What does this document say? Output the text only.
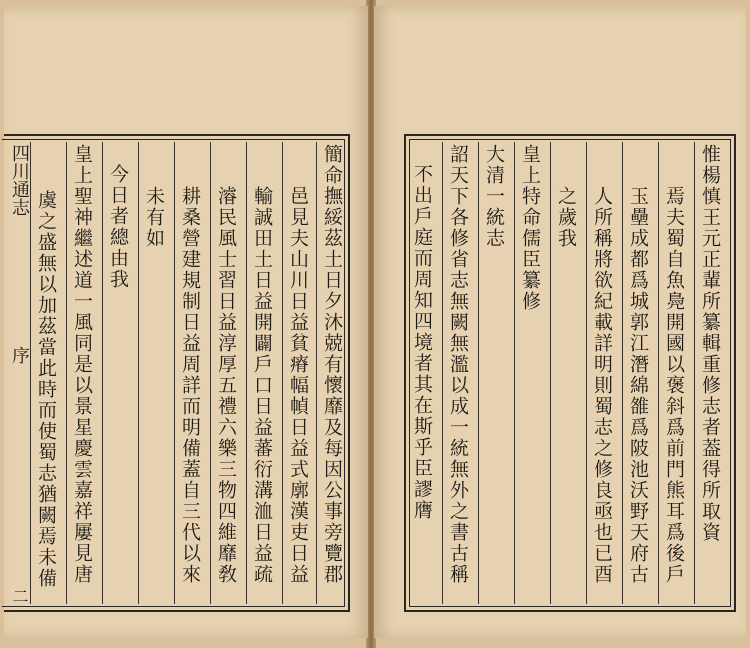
四川通志
序
二
虞之盛無以加茲當此時而使蜀志猶闕焉未備 皇上聖神繼述道一風同是以景星慶雲嘉祥屢見唐 今日者總由我 未有如 耕桑營建規制日益周詳而明備蓋自三代以來 濬民風士習日益淳厚五禮六樂三物四維靡敎 輸誠田土日益開闢戶口日益蕃衍溝洫日益疏 邑見夫山川日益貧瘠幅幀日益式廓漢吏日益 簡命撫綏茲土日夕沐兢有懷靡及每因公事旁覽郡	不出戶庭而周知四境者其在斯乎臣謬膺 詔天下各修省志無闕無濫以成一統無外之書古稱 大清一統志 皇上特命儒臣纂修 之歲我 人所稱將欲紀載詳明則蜀志之修良亟也已酉 玉壘成都爲城郭江潛綿雒爲陂池沃野天府古 焉夫蜀自魚鳧開國以褒斜爲前門熊耳爲後戶 惟楊慎王元正輩所纂輯重修志者葢得所取資
